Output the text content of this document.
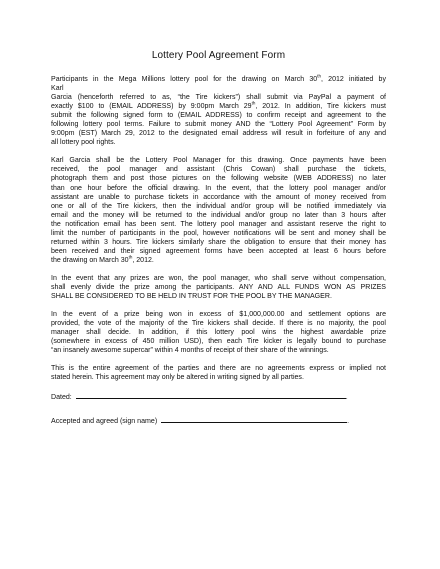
Lottery Pool Agreement Form
Participants in the Mega Millions lottery pool for the drawing on March 30th, 2012 initiated by
Karl
Garcia (henceforth referred to as, “the Tire kickers”) shall submit via PayPal a payment of
exactly $100 to (EMAIL ADDRESS) by 9:00pm March 29th, 2012. In addition, Tire kickers must
submit the following signed form to (EMAIL ADDRESS) to confirm receipt and agreement to the
following lottery pool terms. Failure to submit money AND the “Lottery Pool Agreement” Form by
9:00pm (EST) March 29, 2012 to the designated email address will result in forfeiture of any and
all lottery pool rights.
Karl Garcia shall be the Lottery Pool Manager for this drawing. Once payments have been
received, the pool manager and assistant (Chris Cowan) shall purchase the tickets,
photograph them and post those pictures on the following website (WEB ADDRESS) no later
than one hour before the official drawing. In the event, that the lottery pool manager and/or
assistant are unable to purchase tickets in accordance with the amount of money received from
one or all of the Tire kickers, then the individual and/or group will be notified immediately via
email and the money will be returned to the individual and/or group no later than 3 hours after
the notification email has been sent. The lottery pool manager and assistant reserve the right to
limit the number of participants in the pool, however notifications will be sent and money shall be
returned within 3 hours. Tire kickers similarly share the obligation to ensure that their money has
been received and their signed agreement forms have been accepted at least 6 hours before
the drawing on March 30th, 2012.
In the event that any prizes are won, the pool manager, who shall serve without compensation,
shall evenly divide the prize among the participants. ANY AND ALL FUNDS WON AS PRIZES
SHALL BE CONSIDERED TO BE HELD IN TRUST FOR THE POOL BY THE MANAGER.
In the event of a prize being won in excess of $1,000,000.00 and settlement options are
provided, the vote of the majority of the Tire kickers shall decide. If there is no majority, the pool
manager shall decide. In addition, if this lottery pool wins the highest awardable prize
(somewhere in excess of 450 million USD), then each Tire kicker is legally bound to purchase
“an insanely awesome supercar” within 4 months of receipt of their share of the winnings.
This is the entire agreement of the parties and there are no agreements express or implied not
stated herein. This agreement may only be altered in writing signed by all parties.
Dated:	.
Accepted and agreed (sign name)	.
